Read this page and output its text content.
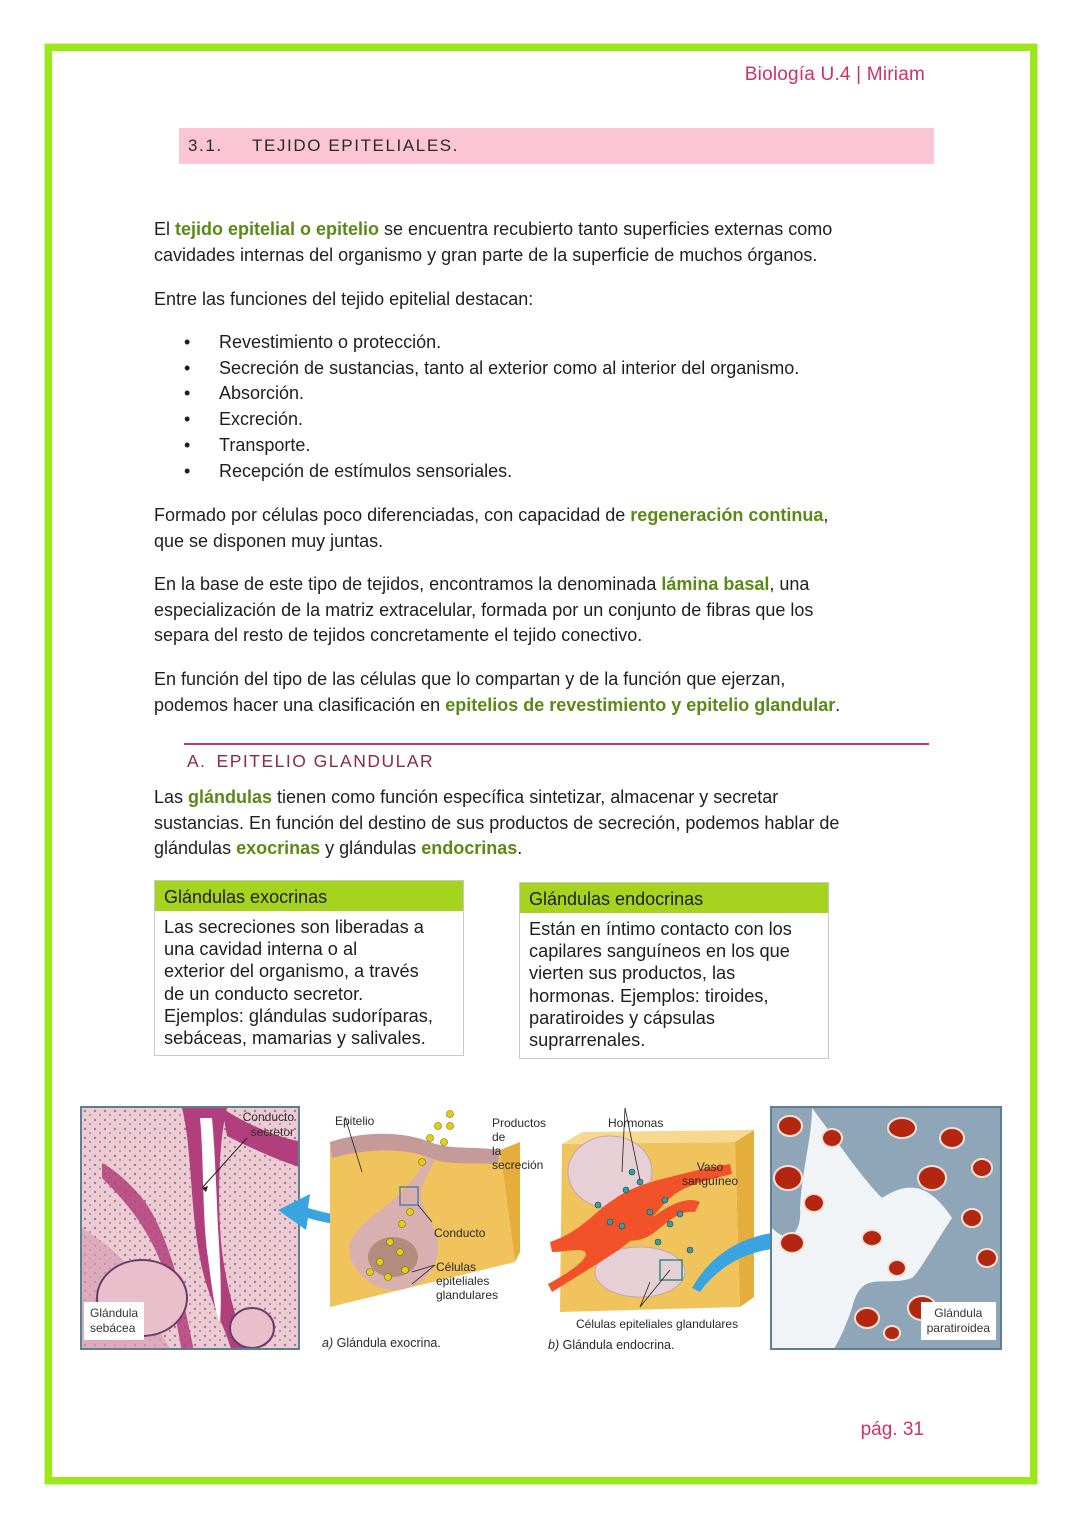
Biología U.4 | Miriam
3.1.	TEJIDO EPITELIALES.
El tejido epitelial o epitelio se encuentra recubierto tanto superficies externas como
cavidades internas del organismo y gran parte de la superficie de muchos órganos.
Entre las funciones del tejido epitelial destacan:
• Revestimiento o protección.
• Secreción de sustancias, tanto al exterior como al interior del organismo.
• Absorción.
• Excreción.
• Transporte.
• Recepción de estímulos sensoriales.
Formado por células poco diferenciadas, con capacidad de regeneración continua,
que se disponen muy juntas.
En la base de este tipo de tejidos, encontramos la denominada lámina basal, una
especialización de la matriz extracelular, formada por un conjunto de fibras que los
separa del resto de tejidos concretamente el tejido conectivo.
En función del tipo de las células que lo compartan y de la función que ejerzan,
podemos hacer una clasificación en epitelios de revestimiento y epitelio glandular.
A. EPITELIO GLANDULAR
Las glándulas tienen como función específica sintetizar, almacenar y secretar
sustancias. En función del destino de sus productos de secreción, podemos hablar de
glándulas exocrinas y glándulas endocrinas.
Glándulas exocrinas
Las secreciones son liberadas a
una cavidad interna o al
exterior del organismo, a través
de un conducto secretor.
Ejemplos: glándulas sudoríparas,
sebáceas, mamarias y salivales.
Glándulas endocrinas
Están en íntimo contacto con los
capilares sanguíneos en los que
vierten sus productos, las
hormonas. Ejemplos: tiroides,
paratiroides y cápsulas
suprarrenales.
Conducto
secretor
Glándula
sebácea
Epitelio	Productos de
la secreción
Conducto
Células
epiteliales
glandulares
a) Glándula exocrina.
Hormonas
Vaso
sanguíneo
Células epiteliales glandulares
b) Glándula endocrina.
Glándula
paratiroidea
pág. 31
